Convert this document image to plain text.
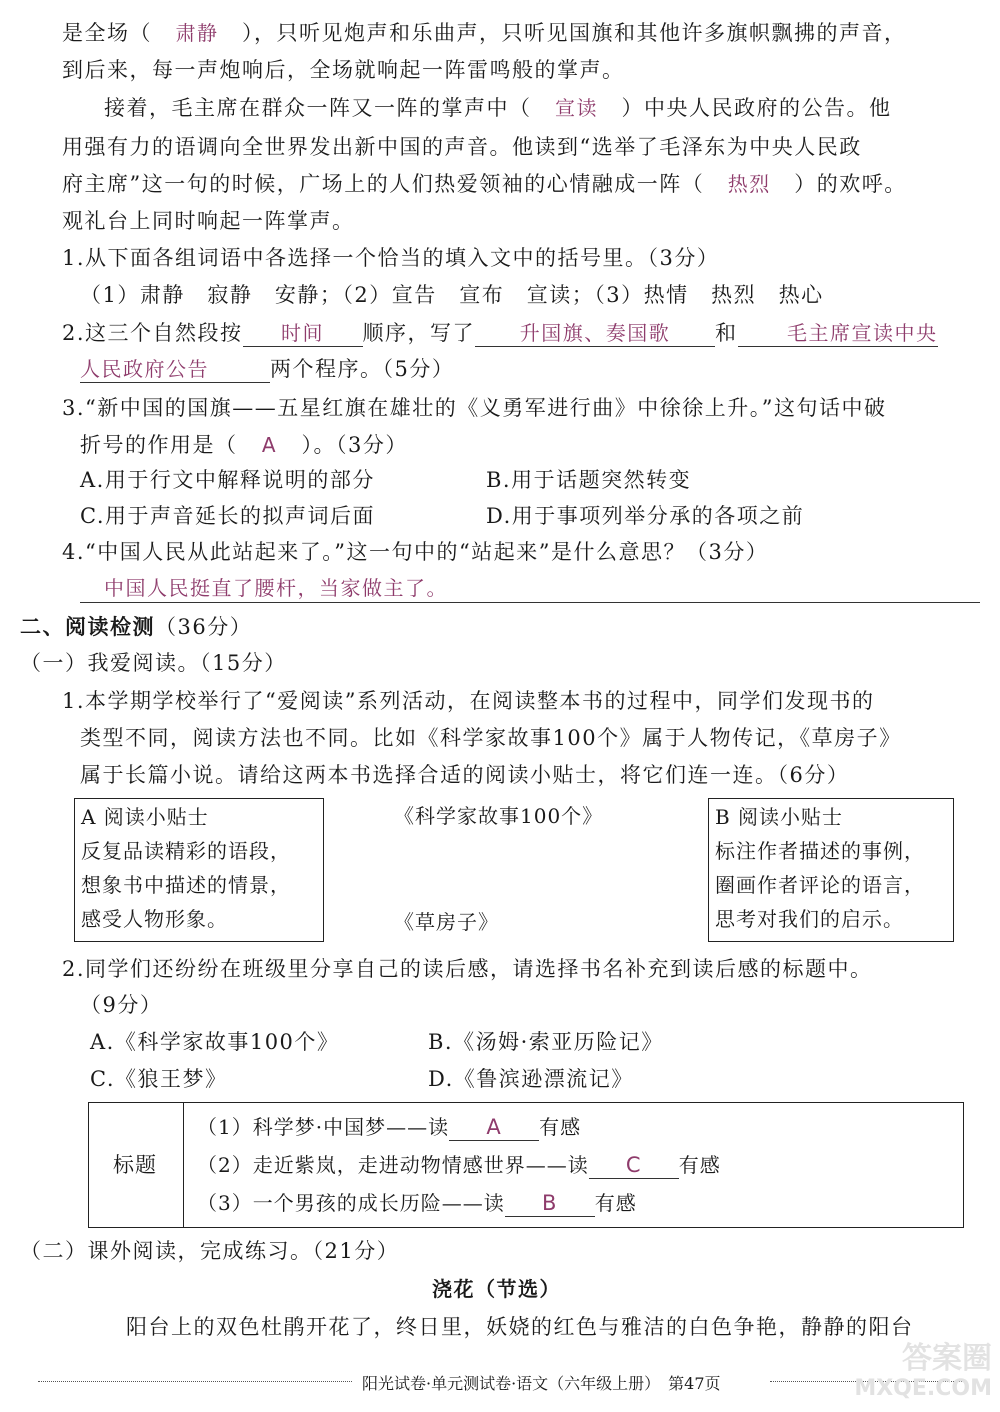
是全场（ 肃静 ），只听见炮声和乐曲声，只听见国旗和其他许多旗帜飘拂的声音，
到后来，每一声炮响后，全场就响起一阵雷鸣般的掌声。
接着，毛主席在群众一阵又一阵的掌声中（ 宣读 ）中央人民政府的公告。他
用强有力的语调向全世界发出新中国的声音。他读到“选举了毛泽东为中央人民政
府主席”这一句的时候，广场上的人们热爱领袖的心情融成一阵（ 热烈 ）的欢呼。
观礼台上同时响起一阵掌声。
1.从下面各组词语中各选择一个恰当的填入文中的括号里。（3分）
（1）肃静　寂静　安静；（2）宣告　宣布　宣读；（3）热情　热烈　热心
2.这三个自然段按 时间 顺序，写了 升国旗、奏国歌 和 毛主席宣读中央
人民政府公告	两个程序。（5分）
3.“新中国的国旗——五星红旗在雄壮的《义勇军进行曲》中徐徐上升。”这句话中破
折号的作用是（ A ）。（3分）
A.用于行文中解释说明的部分	B.用于话题突然转变
C.用于声音延长的拟声词后面	D.用于事项列举分承的各项之前
4.“中国人民从此站起来了。”这一句中的“站起来”是什么意思？（3分）
中国人民挺直了腰杆，当家做主了。
二、阅读检测（36分）
（一）我爱阅读。（15分）
1.本学期学校举行了“爱阅读”系列活动，在阅读整本书的过程中，同学们发现书的
类型不同，阅读方法也不同。比如《科学家故事100个》属于人物传记，《草房子》
属于长篇小说。请给这两本书选择合适的阅读小贴士，将它们连一连。（6分）
A 阅读小贴士
反复品读精彩的语段，
想象书中描述的情景，
感受人物形象。
《科学家故事100个》
《草房子》
B 阅读小贴士
标注作者描述的事例，
圈画作者评论的语言，
思考对我们的启示。
2.同学们还纷纷在班级里分享自己的读后感，请选择书名补充到读后感的标题中。
（9分）
A.《科学家故事100个》	B.《汤姆·索亚历险记》
C.《狼王梦》	D.《鲁滨逊漂流记》
标题
（1）科学梦·中国梦——读 A 有感
（2）走近紫岚，走进动物情感世界——读 C 有感
（3）一个男孩的成长历险——读 B 有感
（二）课外阅读，完成练习。（21分）
浇花（节选）
阳台上的双色杜鹃开花了，终日里，妖娆的红色与雅洁的白色争艳，静静的阳台
阳光试卷·单元测试卷·语文（六年级上册）　第47页
答案圈
MXQE.COM
